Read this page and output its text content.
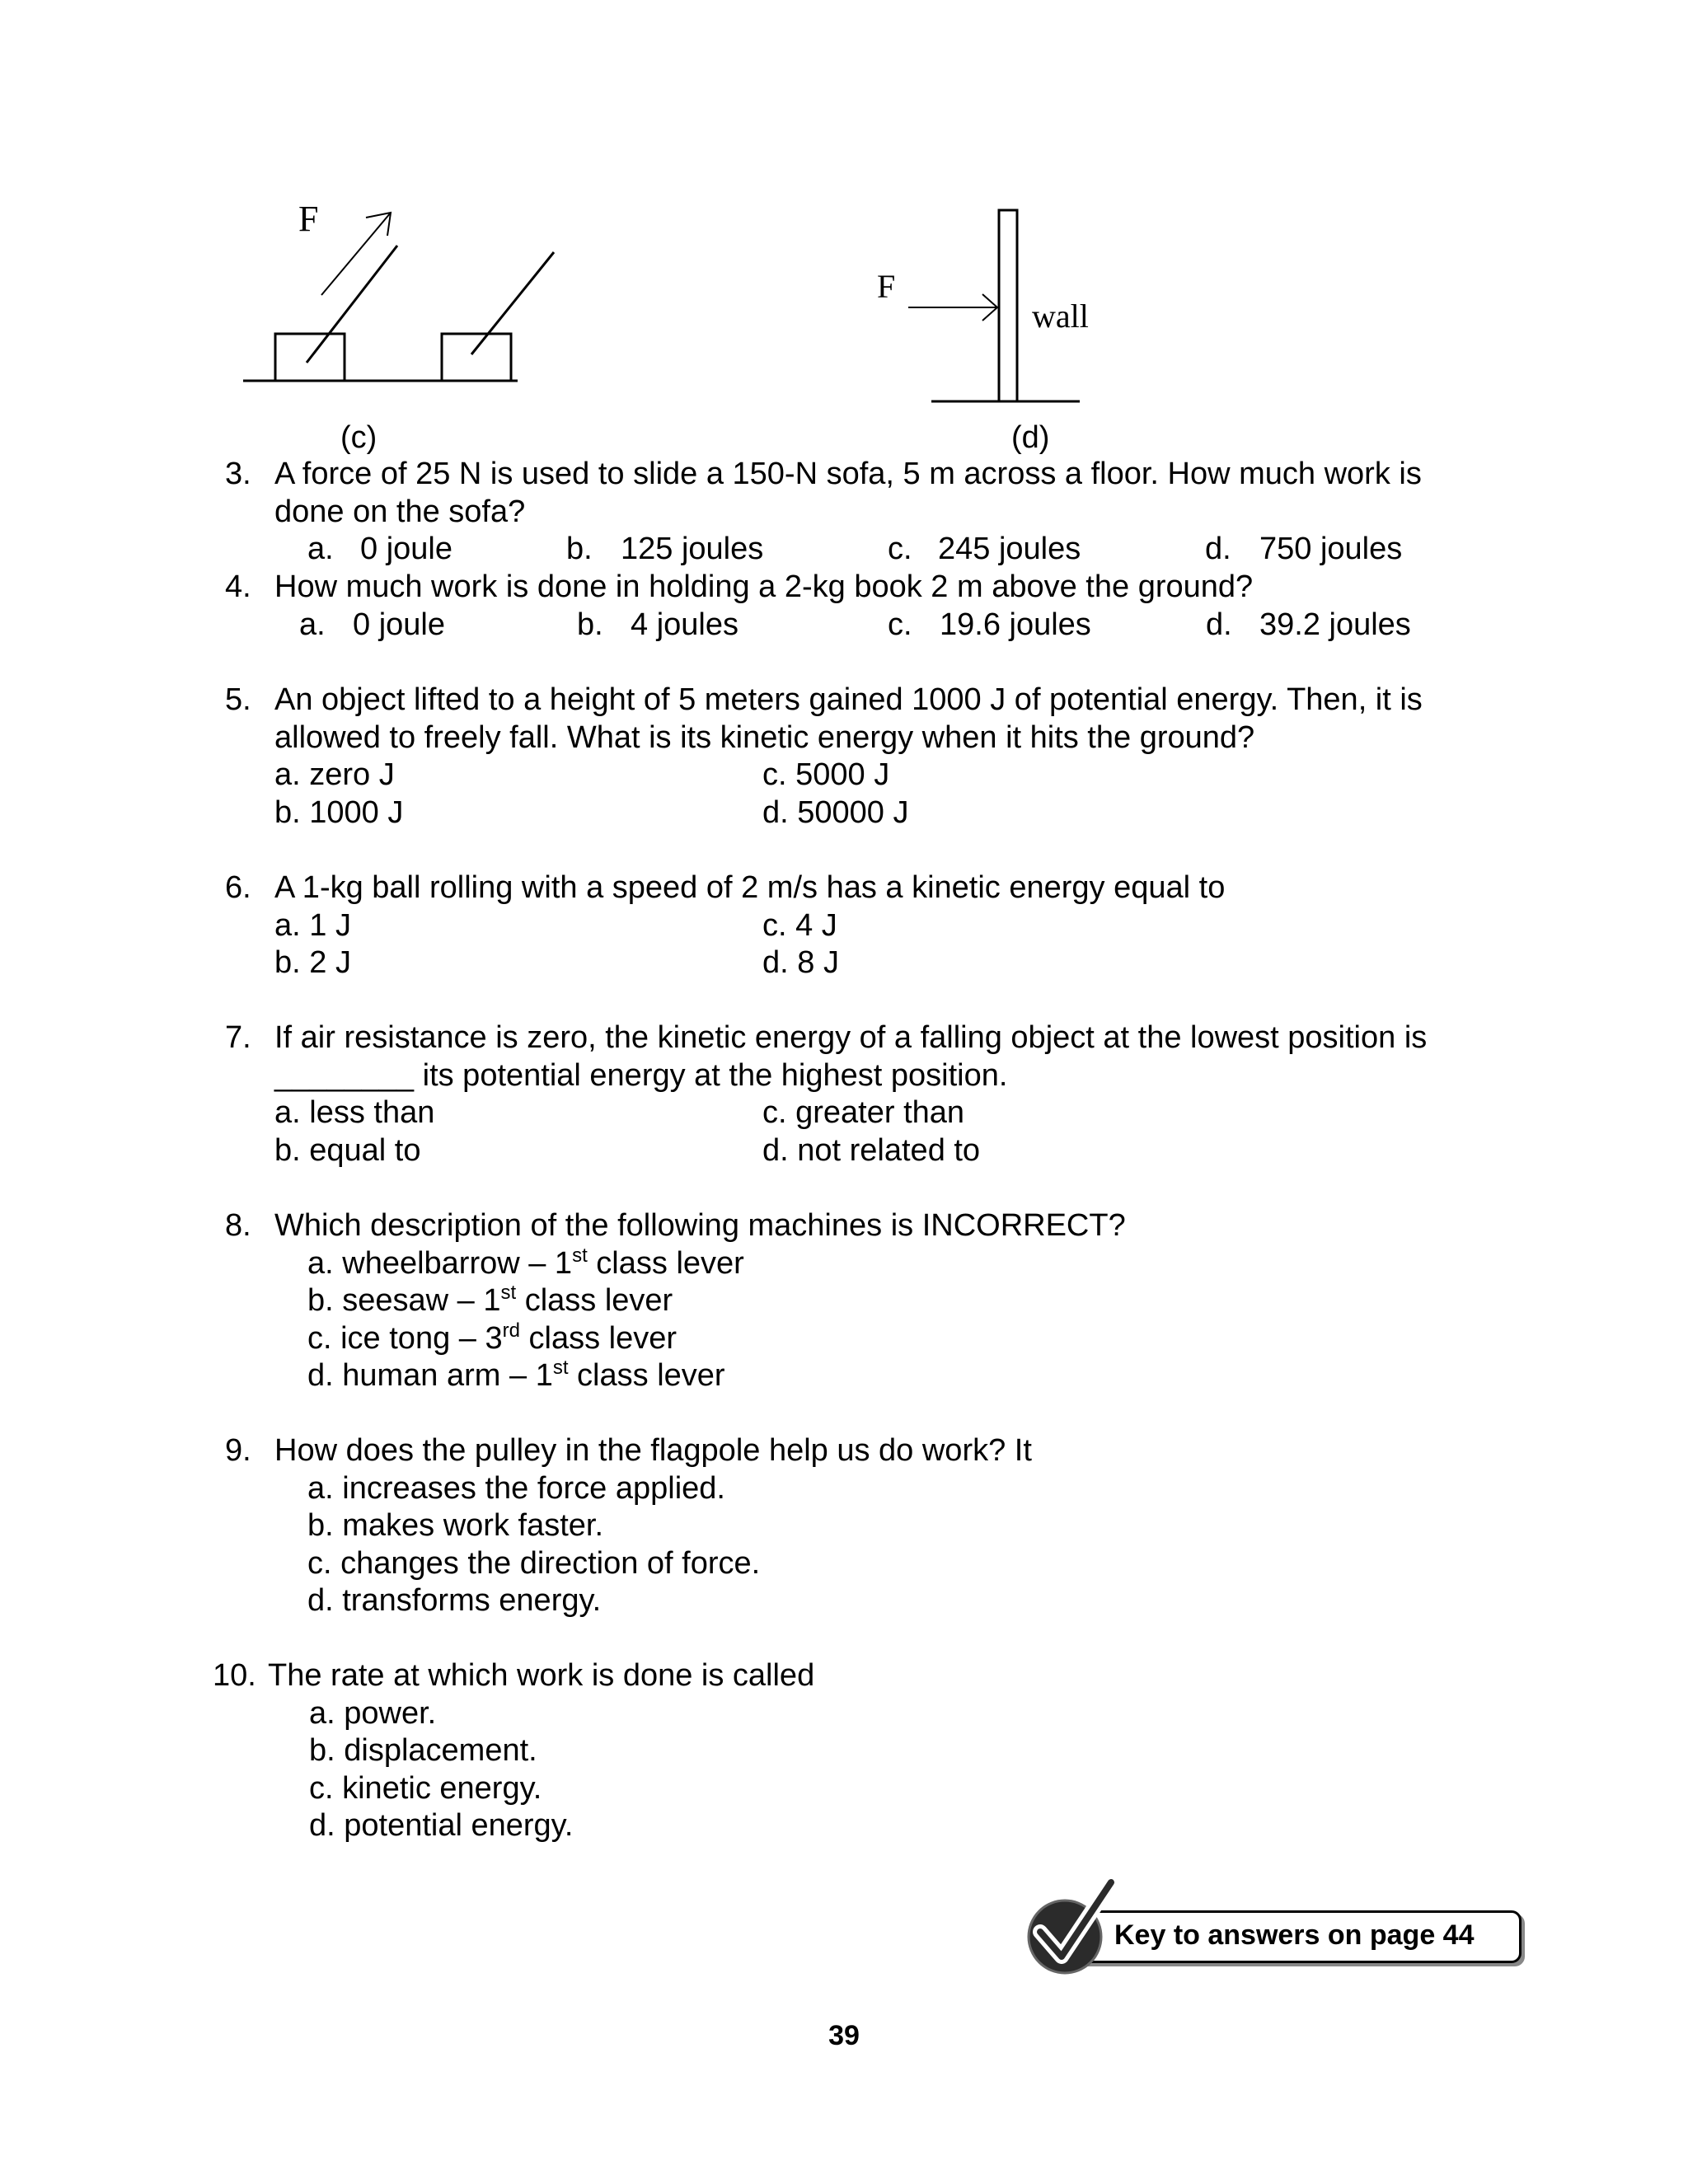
F
(c)
F
wall
(d)
3. A force of 25 N is used to slide a 150-N sofa, 5 m across a floor. How much work is
done on the sofa?
a. 0 joule	b. 125 joules	c. 245 joules	d. 750 joules
4. How much work is done in holding a 2-kg book 2 m above the ground?
a. 0 joule	b. 4 joules	c. 19.6 joules	d. 39.2 joules
5. An object lifted to a height of 5 meters gained 1000 J of potential energy. Then, it is
allowed to freely fall. What is its kinetic energy when it hits the ground?
a. zero J	c. 5000 J
b. 1000 J	d. 50000 J
6. A 1-kg ball rolling with a speed of 2 m/s has a kinetic energy equal to
a. 1 J	c. 4 J
b. 2 J	d. 8 J
7. If air resistance is zero, the kinetic energy of a falling object at the lowest position is
________ its potential energy at the highest position.
a. less than	c. greater than
b. equal to	d. not related to
8. Which description of the following machines is INCORRECT?
a. wheelbarrow – 1st class lever
b. seesaw – 1st class lever
c. ice tong – 3rd class lever
d. human arm – 1st class lever
9. How does the pulley in the flagpole help us do work? It
a. increases the force applied.
b. makes work faster.
c. changes the direction of force.
d. transforms energy.
10. The rate at which work is done is called
a. power.
b. displacement.
c. kinetic energy.
d. potential energy.
Key to answers on page 44
39
